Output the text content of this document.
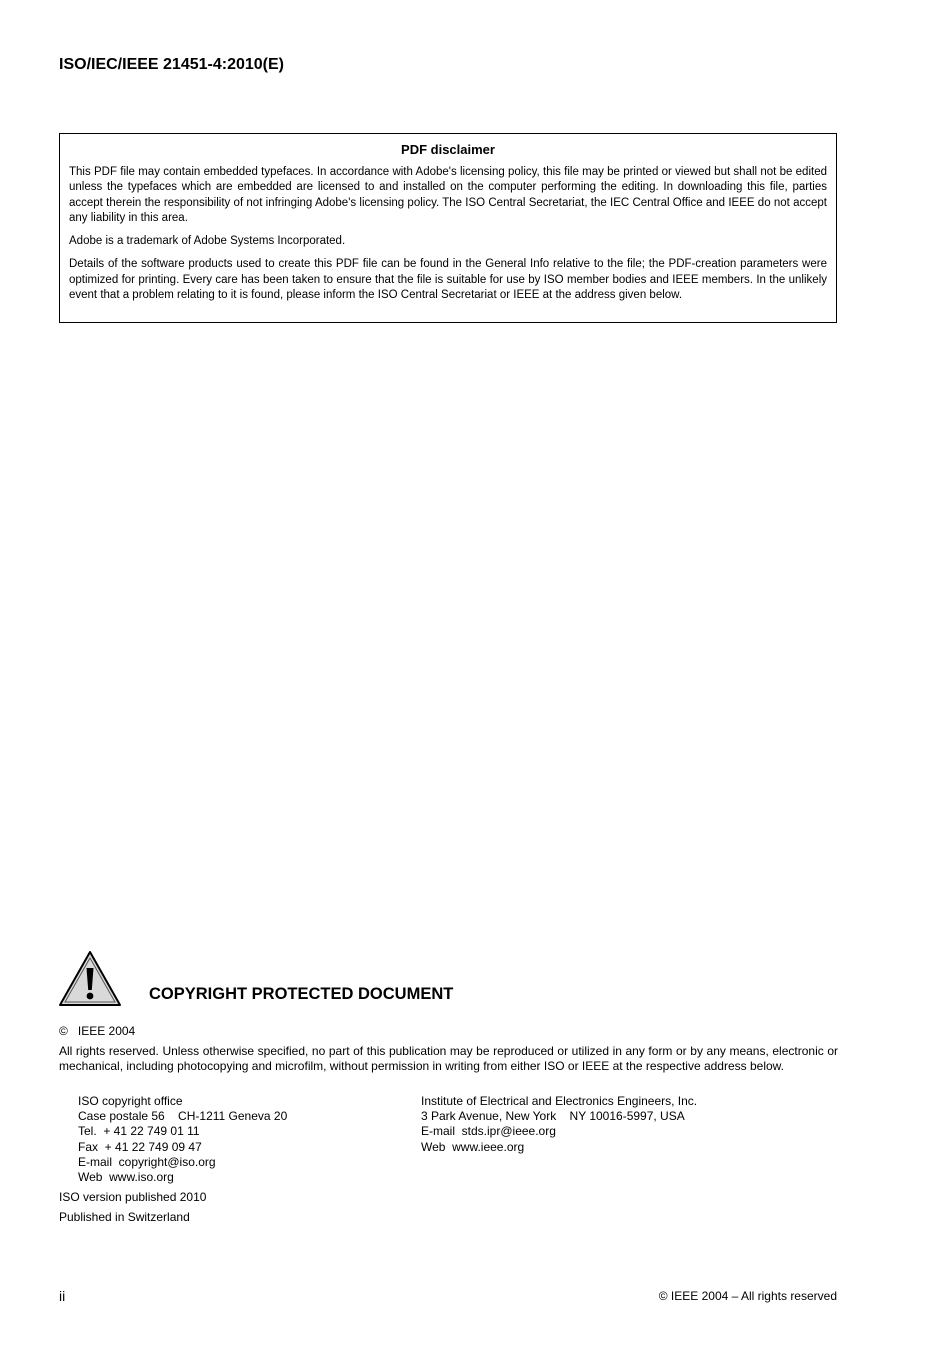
ISO/IEC/IEEE 21451-4:2010(E)
PDF disclaimer

This PDF file may contain embedded typefaces. In accordance with Adobe's licensing policy, this file may be printed or viewed but shall not be edited unless the typefaces which are embedded are licensed to and installed on the computer performing the editing. In downloading this file, parties accept therein the responsibility of not infringing Adobe's licensing policy. The ISO Central Secretariat, the IEC Central Office and IEEE do not accept any liability in this area.

Adobe is a trademark of Adobe Systems Incorporated.

Details of the software products used to create this PDF file can be found in the General Info relative to the file; the PDF-creation parameters were optimized for printing. Every care has been taken to ensure that the file is suitable for use by ISO member bodies and IEEE members. In the unlikely event that a problem relating to it is found, please inform the ISO Central Secretariat or IEEE at the address given below.

COPYRIGHT PROTECTED DOCUMENT
© IEEE 2004

All rights reserved. Unless otherwise specified, no part of this publication may be reproduced or utilized in any form or by any means, electronic or mechanical, including photocopying and microfilm, without permission in writing from either ISO or IEEE at the respective address below.

ISO copyright office
Case postale 56    CH-1211 Geneva 20
Tel.  + 41 22 749 01 11
Fax  + 41 22 749 09 47
E-mail  copyright@iso.org
Web  www.iso.org
Institute of Electrical and Electronics Engineers, Inc.
3 Park Avenue, New York    NY 10016-5997, USA
E-mail  stds.ipr@ieee.org
Web  www.ieee.org
ISO version published 2010
Published in Switzerland
ii	© IEEE 2004 – All rights reserved
